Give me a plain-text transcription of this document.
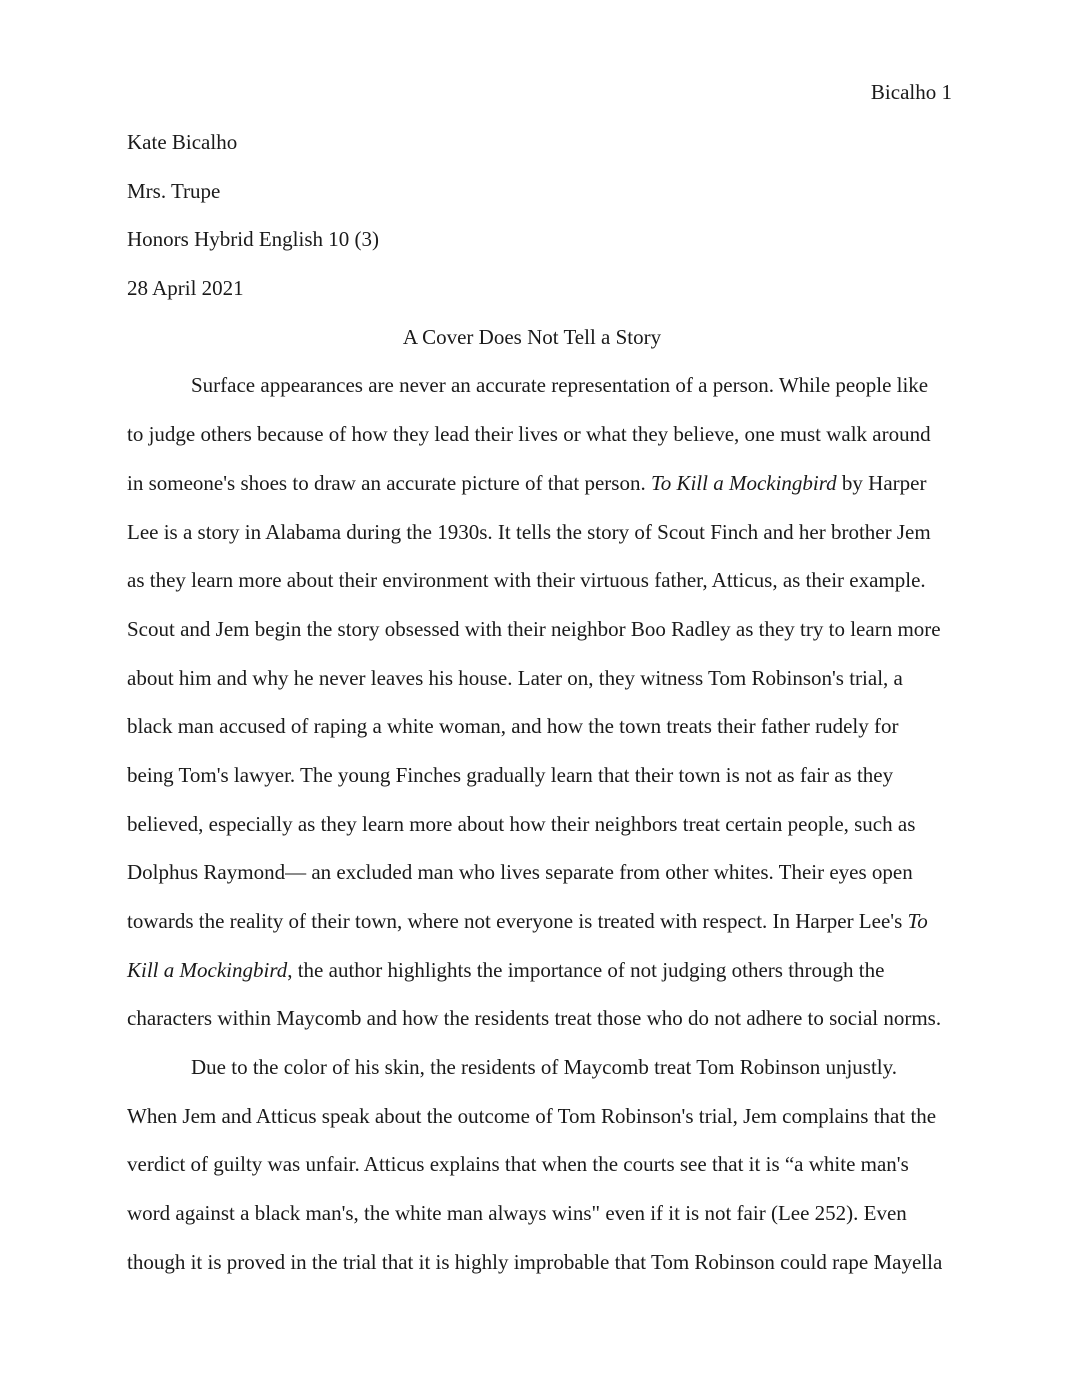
Bicalho 1
Kate Bicalho
Mrs. Trupe
Honors Hybrid English 10 (3)
28 April 2021
A Cover Does Not Tell a Story
Surface appearances are never an accurate representation of a person. While people like
to judge others because of how they lead their lives or what they believe, one must walk around
in someone's shoes to draw an accurate picture of that person. To Kill a Mockingbird by Harper
Lee is a story in Alabama during the 1930s. It tells the story of Scout Finch and her brother Jem
as they learn more about their environment with their virtuous father, Atticus, as their example.
Scout and Jem begin the story obsessed with their neighbor Boo Radley as they try to learn more
about him and why he never leaves his house. Later on, they witness Tom Robinson's trial, a
black man accused of raping a white woman, and how the town treats their father rudely for
being Tom's lawyer. The young Finches gradually learn that their town is not as fair as they
believed, especially as they learn more about how their neighbors treat certain people, such as
Dolphus Raymond— an excluded man who lives separate from other whites. Their eyes open
towards the reality of their town, where not everyone is treated with respect. In Harper Lee's To
Kill a Mockingbird, the author highlights the importance of not judging others through the
characters within Maycomb and how the residents treat those who do not adhere to social norms.
Due to the color of his skin, the residents of Maycomb treat Tom Robinson unjustly.
When Jem and Atticus speak about the outcome of Tom Robinson's trial, Jem complains that the
verdict of guilty was unfair. Atticus explains that when the courts see that it is “a white man's
word against a black man's, the white man always wins" even if it is not fair (Lee 252). Even
though it is proved in the trial that it is highly improbable that Tom Robinson could rape Mayella
